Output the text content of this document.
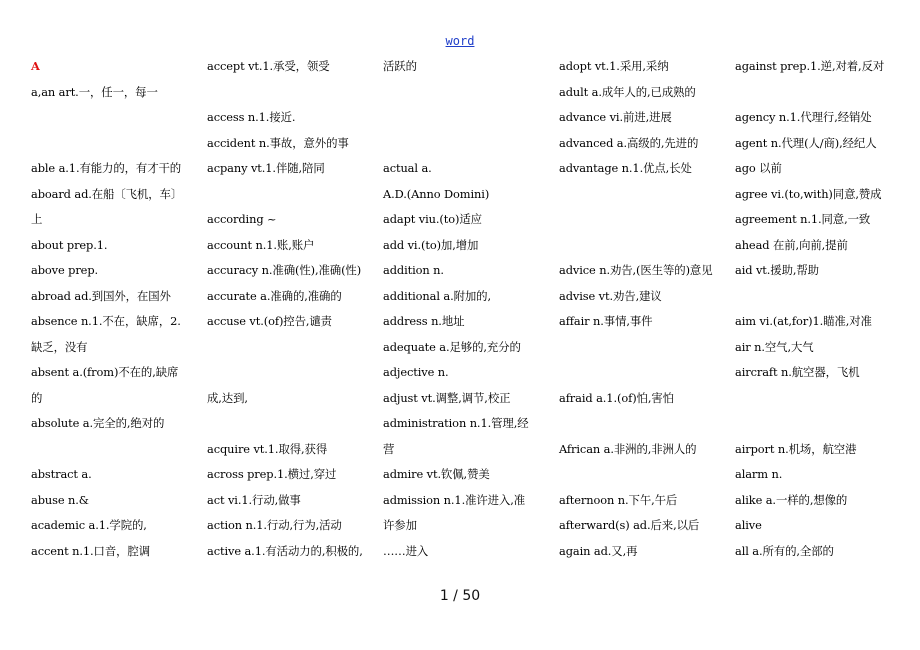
word
A
a,an art.一，任一，每一
able a.1.有能力的，有才干的
aboard ad.在船〔飞机，车〕
上
about prep.1.
above prep.
abroad ad.到国外，在国外
absence n.1.不在，缺席，2.
缺乏，没有
absent a.(from)不在的,缺席
的
absolute a.完全的,绝对的
abstract a.
abuse n.&
academic a.1.学院的,
accent n.1.口音，腔调
accept vt.1.承受，领受
access n.1.接近.
accident n.事故，意外的事
acpany vt.1.伴随,陪同
according ~
account n.1.账,账户
accuracy n.准确(性),准确(性)
accurate a.准确的,准确的
accuse vt.(of)控告,谴责
成,达到,
acquire vt.1.取得,获得
across prep.1.横过,穿过
act vi.1.行动,做事
action n.1.行动,行为,活动
active a.1.有活动力的,积极的,
活跃的
actual a.
A.D.(Anno Domini)
adapt viu.(to)适应
add vi.(to)加,增加
addition n.
additional a.附加的,
address n.地址
adequate a.足够的,充分的
adjective n.
adjust vt.调整,调节,校正
administration n.1.管理,经
营
admire vt.钦佩,赞美
admission n.1.准许进入,准
许参加
……进入
adopt vt.1.采用,采纳
adult a.成年人的,已成熟的
advance vi.前进,进展
advanced a.高级的,先进的
advantage n.1.优点,长处
advice n.劝告,(医生等的)意见
advise vt.劝告,建议
affair n.事情,事件
afraid a.1.(of)怕,害怕
African a.非洲的,非洲人的
afternoon n.下午,午后
afterward(s) ad.后来,以后
again ad.又,再
against prep.1.逆,对着,反对
agency n.1.代理行,经销处
agent n.代理(人/商),经纪人
ago 以前
agree vi.(to,with)同意,赞成
agreement n.1.同意,一致
ahead 在前,向前,提前
aid vt.援助,帮助
aim vi.(at,for)1.瞄准,对准
air n.空气,大气
aircraft n.航空器，飞机
airport n.机场，航空港
alarm n.
alike a.一样的,想像的
alive
all a.所有的,全部的
1 / 50
